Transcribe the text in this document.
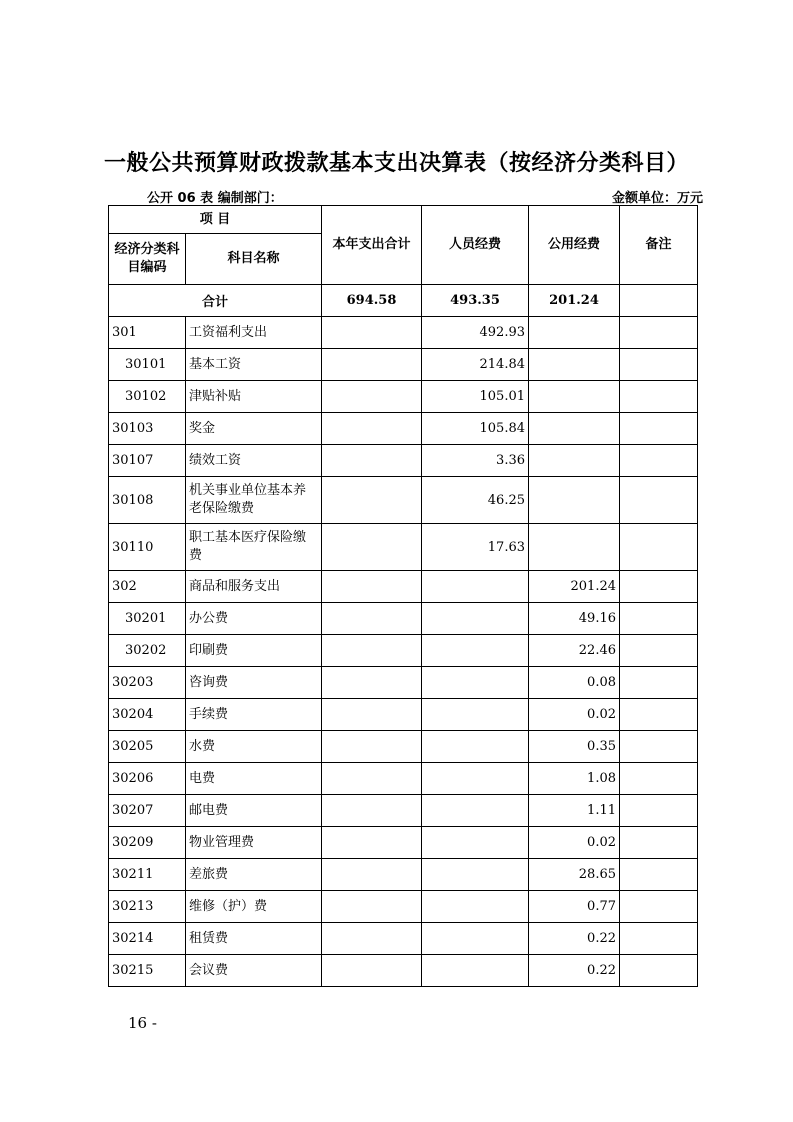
一般公共预算财政拨款基本支出决算表（按经济分类科目）
公开 06 表 编制部门：	金额单位：万元
项 目		本年支出合计	人员经费	公用经费	备注
经济分类科目编码	科目名称				
合计		694.58	493.35	201.24	
301	工资福利支出		492.93		
30101	基本工资		214.84		
30102	津贴补贴		105.01		
30103	奖金		105.84		
30107	绩效工资		3.36		
30108	机关事业单位基本养老保险缴费		46.25		
30110	职工基本医疗保险缴费		17.63		
302	商品和服务支出			201.24	
30201	办公费			49.16	
30202	印刷费			22.46	
30203	咨询费			0.08	
30204	手续费			0.02	
30205	水费			0.35	
30206	电费			1.08	
30207	邮电费			1.11	
30209	物业管理费			0.02	
30211	差旅费			28.65	
30213	维修（护）费			0.77	
30214	租赁费			0.22	
30215	会议费			0.22	
16 -
